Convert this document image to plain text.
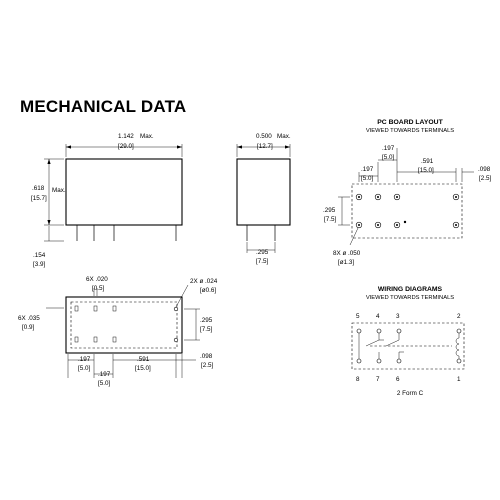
MECHANICAL DATA
1.142 Max.
[29.0]
.618 Max.
[15.7]
.154
[3.9]
0.500 Max.
[12.7]
.295
[7.5]
6X .020
[0.5]
2X ø .024
[ø0.6]
6X .035
[0.9]
.295
[7.5]
.197
[5.0]
.197
[5.0]
.591
[15.0]
.098
[2.5]
PC BOARD LAYOUT
VIEWED TOWARDS TERMINALS
.197
[5.0]
.197
[5.0]
.591
[15.0]	.098
[2.5]
.295
[7.5]
8X ø .050
[ø1.3]
WIRING DIAGRAMS
VIEWED TOWARDS TERMINALS
5	4	3	2
8	7	6	1
2 Form C
